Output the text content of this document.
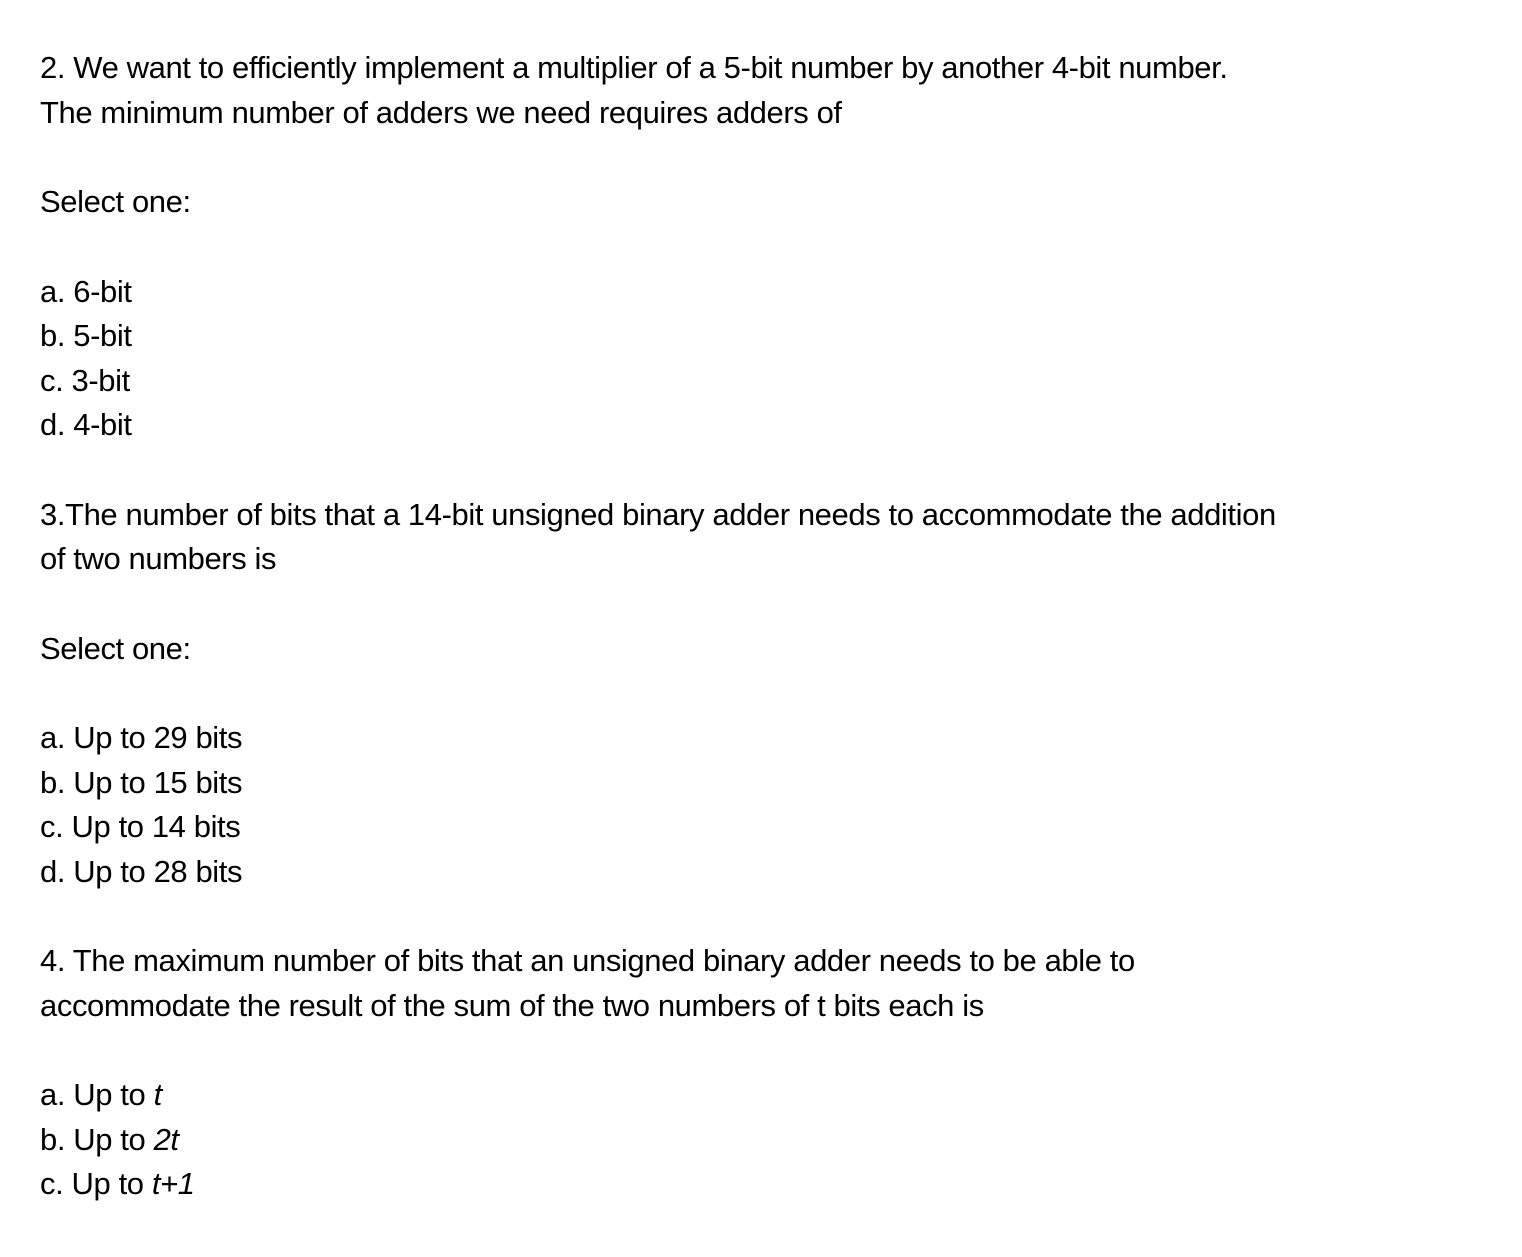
2. We want to efficiently implement a multiplier of a 5-bit number by another 4-bit number.
The minimum number of adders we need requires adders of
Select one:
a. 6-bit
b. 5-bit
c. 3-bit
d. 4-bit
3.The number of bits that a 14-bit unsigned binary adder needs to accommodate the addition
of two numbers is
Select one:
a. Up to 29 bits
b. Up to 15 bits
c. Up to 14 bits
d. Up to 28 bits
4. The maximum number of bits that an unsigned binary adder needs to be able to
accommodate the result of the sum of the two numbers of t bits each is
a. Up to t
b. Up to 2t
c. Up to t+1
